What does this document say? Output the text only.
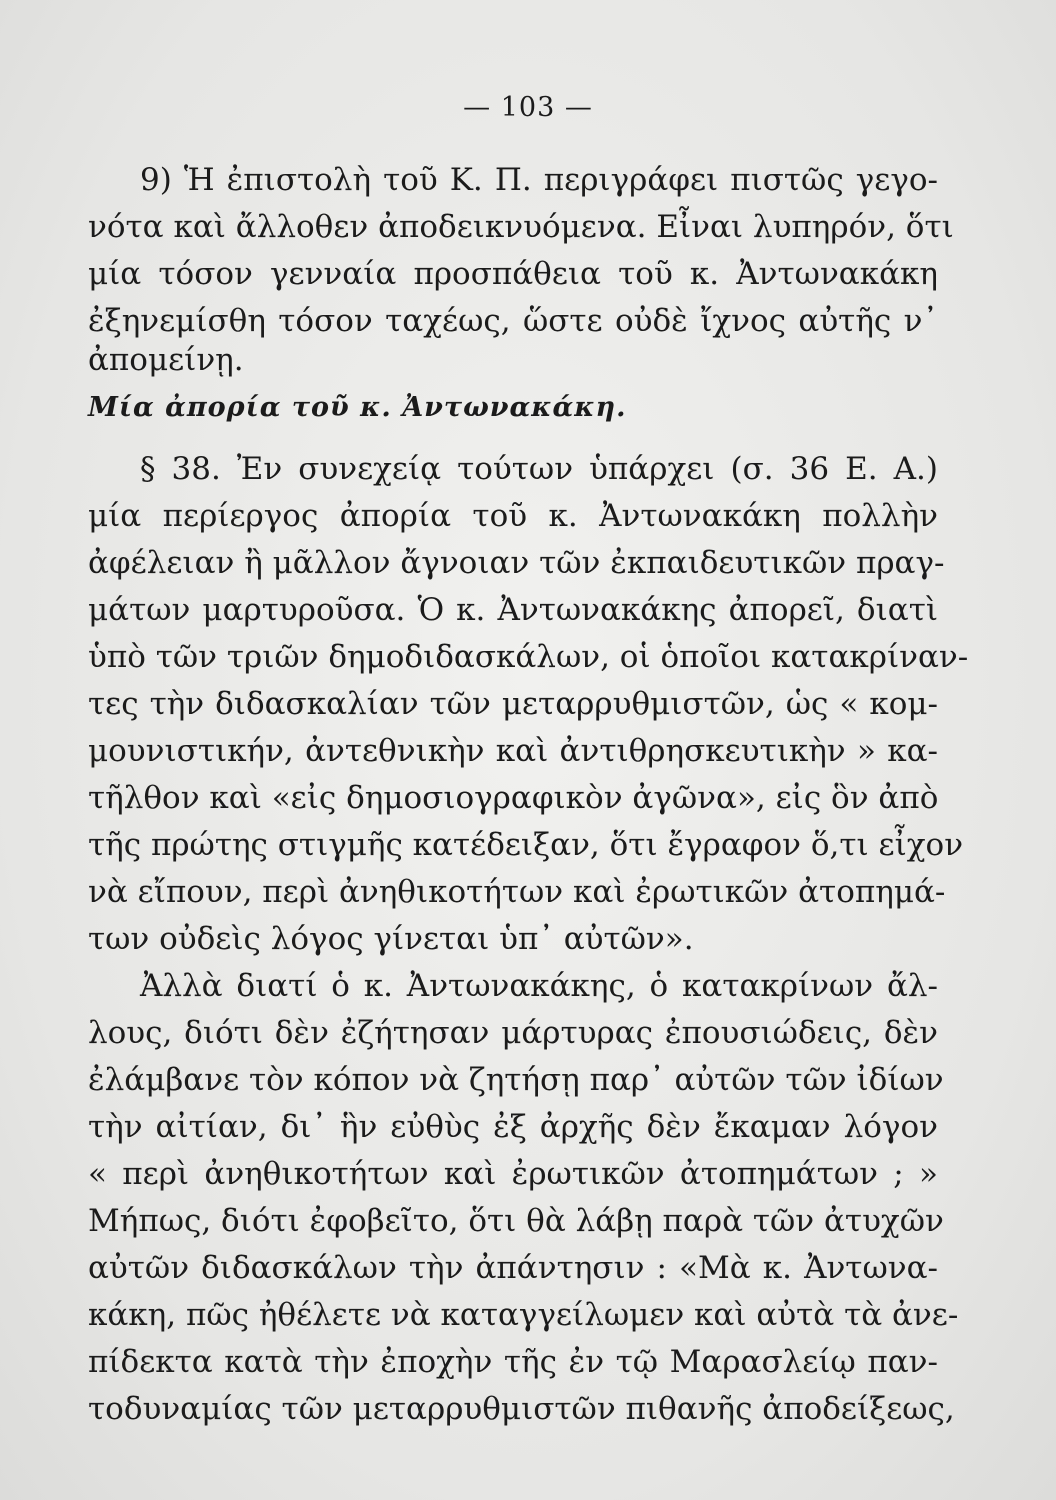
— 103 —
9) Ἡ ἐπιστολὴ τοῦ Κ. Π. περιγράφει πιστῶς γεγο-
νότα καὶ ἄλλοθεν ἀποδεικνυόμενα. Εἶναι λυπηρόν, ὅτι
μία τόσον γενναία προσπάθεια τοῦ κ. Ἀντωνακάκη
ἐξηνεμίσθη τόσον ταχέως, ὥστε οὐδὲ ἴχνος αὐτῆς ν᾽
ἀπομείνῃ.
Μία ἀπορία τοῦ κ. Ἀντωνακάκη.
§ 38. Ἐν συνεχείᾳ τούτων ὑπάρχει (σ. 36 Ε. Α.)
μία περίεργος ἀπορία τοῦ κ. Ἀντωνακάκη πολλὴν
ἀφέλειαν ἢ μᾶλλον ἄγνοιαν τῶν ἐκπαιδευτικῶν πραγ-
μάτων μαρτυροῦσα. Ὁ κ. Ἀντωνακάκης ἀπορεῖ, διατὶ
ὑπὸ τῶν τριῶν δημοδιδασκάλων, οἱ ὁποῖοι κατακρίναν-
τες τὴν διδασκαλίαν τῶν μεταρρυθμιστῶν, ὡς « κομ-
μουνιστικήν, ἀντεθνικὴν καὶ ἀντιθρησκευτικὴν » κα-
τῆλθον καὶ «εἰς δημοσιογραφικὸν ἀγῶνα», εἰς ὃν ἀπὸ
τῆς πρώτης στιγμῆς κατέδειξαν, ὅτι ἔγραφον ὅ,τι εἶχον
νὰ εἴπουν, περὶ ἀνηθικοτήτων καὶ ἐρωτικῶν ἀτοπημά-
των οὐδεὶς λόγος γίνεται ὑπ᾽ αὐτῶν».
Ἀλλὰ διατί ὁ κ. Ἀντωνακάκης, ὁ κατακρίνων ἄλ-
λους, διότι δὲν ἐζήτησαν μάρτυρας ἐπουσιώδεις, δὲν
ἐλάμβανε τὸν κόπον νὰ ζητήσῃ παρ᾽ αὐτῶν τῶν ἰδίων
τὴν αἰτίαν, δι᾽ ἣν εὐθὺς ἐξ ἀρχῆς δὲν ἔκαμαν λόγον
« περὶ ἀνηθικοτήτων καὶ ἐρωτικῶν ἀτοπημάτων ; »
Μήπως, διότι ἐφοβεῖτο, ὅτι θὰ λάβῃ παρὰ τῶν ἀτυχῶν
αὐτῶν διδασκάλων τὴν ἀπάντησιν : «Μὰ κ. Ἀντωνα-
κάκη, πῶς ἠθέλετε νὰ καταγγείλωμεν καὶ αὐτὰ τὰ ἀνε-
πίδεκτα κατὰ τὴν ἐποχὴν τῆς ἐν τῷ Μαρασλείῳ παν-
τοδυναμίας τῶν μεταρρυθμιστῶν πιθανῆς ἀποδείξεως,
